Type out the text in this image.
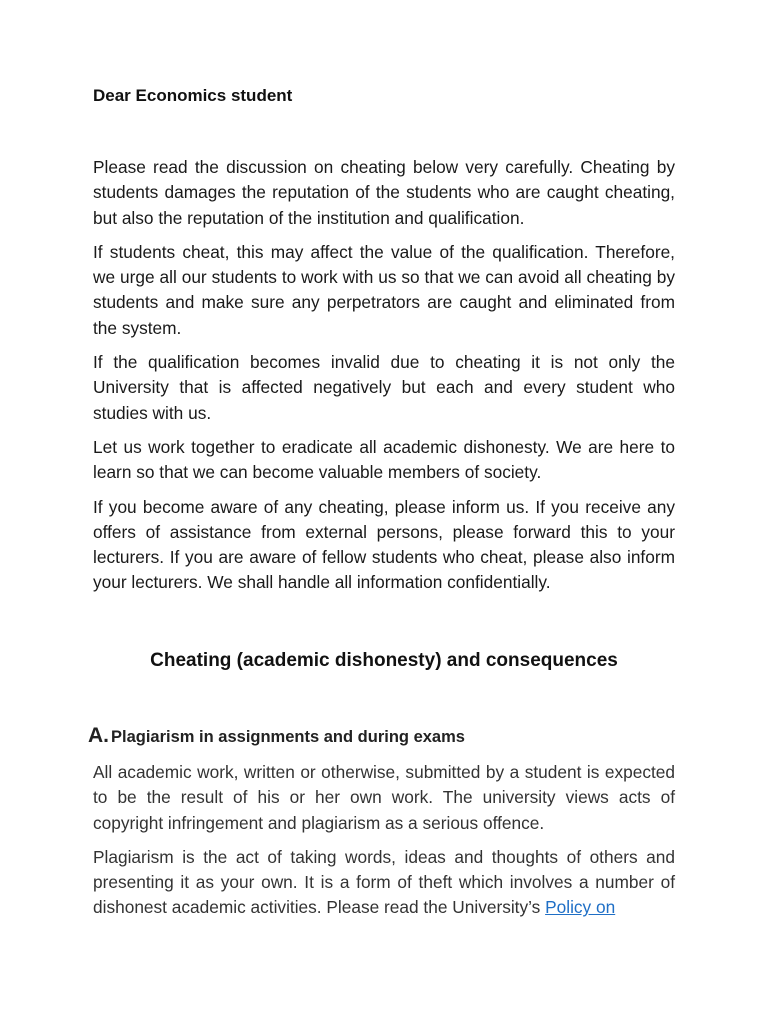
Dear Economics student

Please read the discussion on cheating below very carefully. Cheating by students damages the reputation of the students who are caught cheating, but also the reputation of the institution and qualification.

If students cheat, this may affect the value of the qualification. Therefore, we urge all our students to work with us so that we can avoid all cheating by students and make sure any perpetrators are caught and eliminated from the system.

If the qualification becomes invalid due to cheating it is not only the University that is affected negatively but each and every student who studies with us.

Let us work together to eradicate all academic dishonesty. We are here to learn so that we can become valuable members of society.

If you become aware of any cheating, please inform us. If you receive any offers of assistance from external persons, please forward this to your lecturers. If you are aware of fellow students who cheat, please also inform your lecturers. We shall handle all information confidentially.

Cheating (academic dishonesty) and consequences
A. Plagiarism in assignments and during exams

All academic work, written or otherwise, submitted by a student is expected to be the result of his or her own work. The university views acts of copyright infringement and plagiarism as a serious offence.

Plagiarism is the act of taking words, ideas and thoughts of others and presenting it as your own. It is a form of theft which involves a number of dishonest academic activities. Please read the University’s Policy on
